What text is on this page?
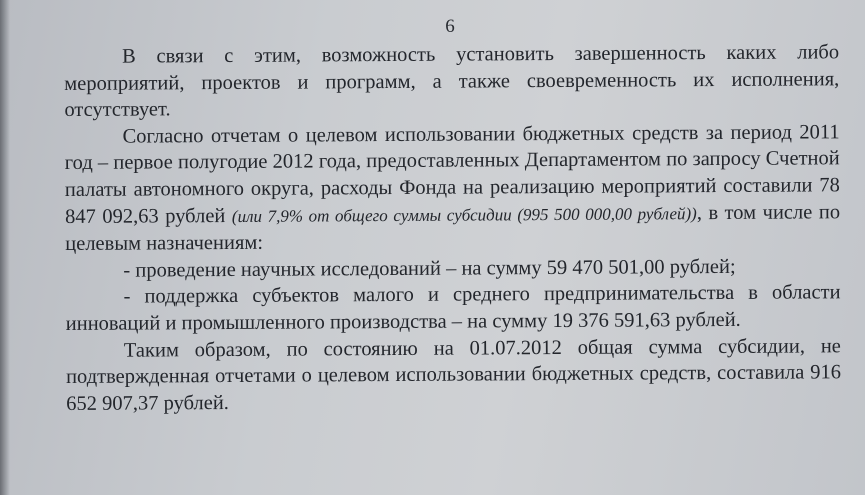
6

В связи с этим, возможность установить завершенность каких либо мероприятий, проектов и программ, а также своевременность их исполнения, отсутствует.

Согласно отчетам о целевом использовании бюджетных средств за период 2011 год – первое полугодие 2012 года, предоставленных Департаментом по запросу Счетной палаты автономного округа, расходы Фонда на реализацию мероприятий составили 78 847 092,63 рублей (или 7,9% от общего суммы субсидии (995 500 000,00 рублей)), в том числе по целевым назначениям:

- проведение научных исследований – на сумму 59 470 501,00 рублей;

- поддержка субъектов малого и среднего предпринимательства в области инноваций и промышленного производства – на сумму 19 376 591,63 рублей.

Таким образом, по состоянию на 01.07.2012 общая сумма субсидии, не подтвержденная отчетами о целевом использовании бюджетных средств, составила 916 652 907,37 рублей.
